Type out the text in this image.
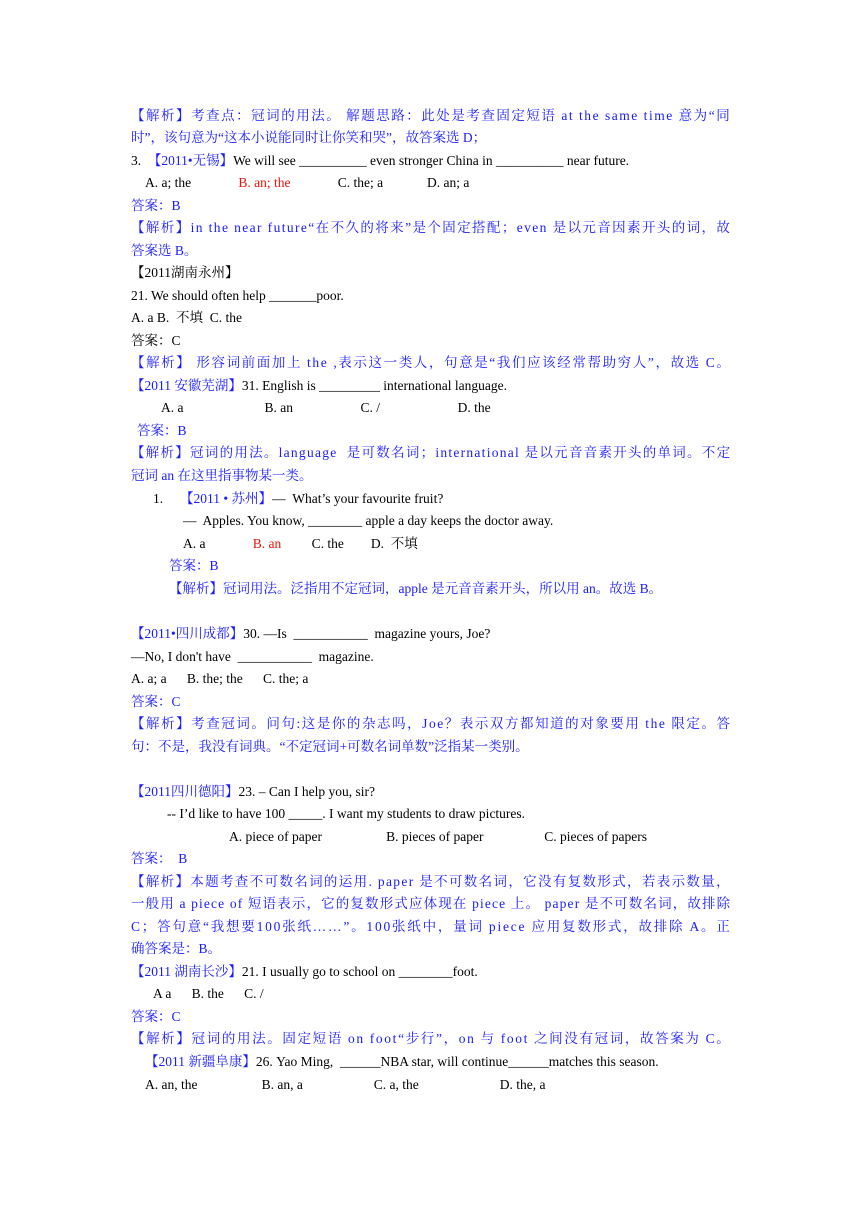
【解析】考查点：冠词的用法。 解题思路：此处是考查固定短语 at the same time 意为“同
时”，该句意为“这本小说能同时让你笑和哭”，故答案选 D；
3.  【2011•无锡】We will see __________ even stronger China in __________ near future.
A. a; the              B. an; the              C. the; a             D. an; a
答案：B
【解析】in the near future“在不久的将来”是个固定搭配；even 是以元音因素开头的词，故
答案选 B。
【2011湖南永州】
21. We should often help _______poor.
A. a B.  不填  C. the
答案：C
【解析】 形容词前面加上 the ,表示这一类人，句意是“我们应该经常帮助穷人”，故选 C。
【2011 安徽芜湖】31. English is _________ international language.
A. a                        B. an                    C. /                       D. the
答案：B
【解析】冠词的用法。language  是可数名词；international 是以元音音素开头的单词。不定
冠词 an 在这里指事物某一类。
1.     【2011 • 苏州】—  What’s your favourite fruit?
—  Apples. You know, ________ apple a day keeps the doctor away.
A. a              B. an         C. the        D.  不填
答案：B
【解析】冠词用法。泛指用不定冠词，apple 是元音音素开头，所以用 an。故选 B。
【2011•四川成都】30. —Is  ___________  magazine yours, Joe?
—No, I don't have  ___________  magazine.
A. a; a      B. the; the      C. the; a
答案：C
【解析】考查冠词。问句:这是你的杂志吗，Joe？表示双方都知道的对象要用 the 限定。答
句：不是，我没有词典。“不定冠词+可数名词单数”泛指某一类别。
【2011四川德阳】23. – Can I help you, sir?
-- I’d like to have 100 _____. I want my students to draw pictures.
A. piece of paper                   B. pieces of paper                  C. pieces of papers
答案：  B
【解析】本题考查不可数名词的运用. paper 是不可数名词，它没有复数形式，若表示数量，
一般用 a piece of 短语表示，它的复数形式应体现在 piece 上。 paper 是不可数名词，故排除
C；答句意“我想要100张纸……”。100张纸中，量词 piece 应用复数形式，故排除 A。正
确答案是：B。
【2011 湖南长沙】21. I usually go to school on ________foot.
A a      B. the      C. /
答案：C
【解析】冠词的用法。固定短语 on foot“步行”，on 与 foot 之间没有冠词，故答案为 C。
【2011 新疆阜康】26. Yao Ming,  ______NBA star, will continue______matches this season.
A. an, the                   B. an, a                     C. a, the                        D. the, a
